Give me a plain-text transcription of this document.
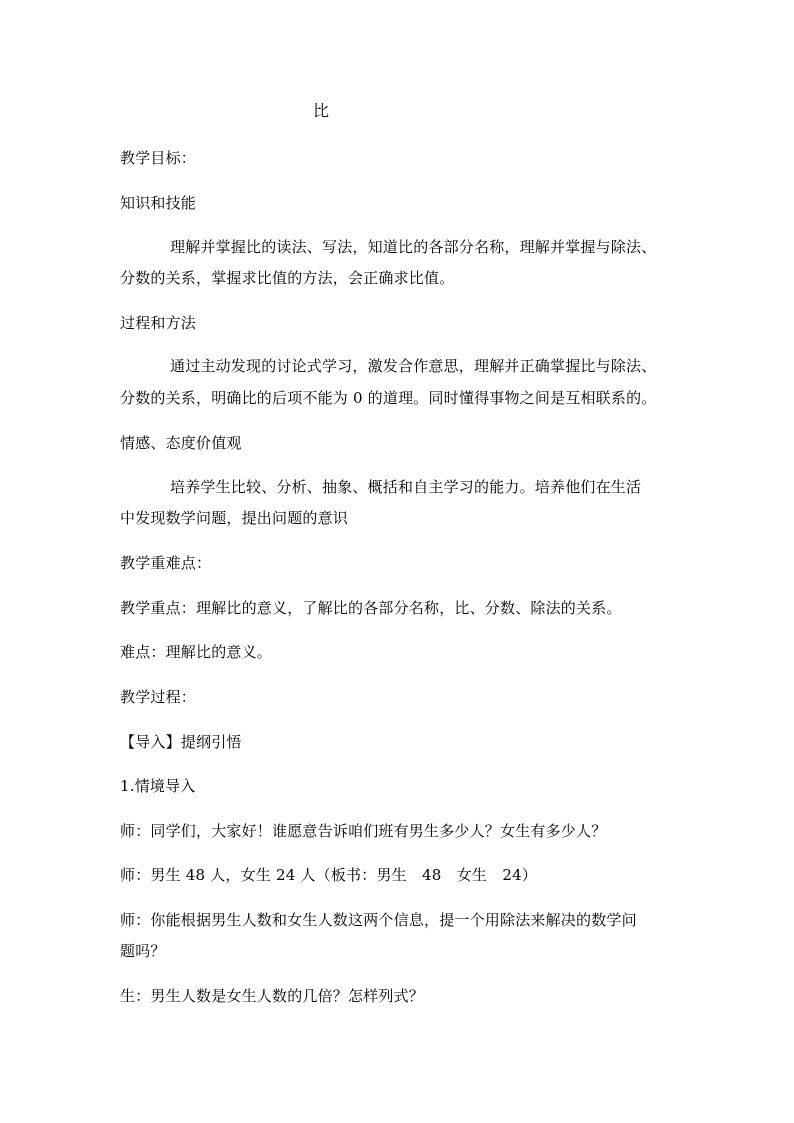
比
教学目标：
知识和技能
理解并掌握比的读法、写法，知道比的各部分名称，理解并掌握与除法、
分数的关系，掌握求比值的方法，会正确求比值。
过程和方法
通过主动发现的讨论式学习，激发合作意思，理解并正确掌握比与除法、
分数的关系，明确比的后项不能为 0 的道理。同时懂得事物之间是互相联系的。
情感、态度价值观
培养学生比较、分析、抽象、概括和自主学习的能力。培养他们在生活
中发现数学问题，提出问题的意识
教学重难点：
教学重点：理解比的意义，了解比的各部分名称，比、分数、除法的关系。
难点：理解比的意义。
教学过程：
【导入】提纲引悟
1.情境导入
师：同学们，大家好！谁愿意告诉咱们班有男生多少人？女生有多少人？
师：男生 48 人，女生 24 人（板书：男生　48　女生　24）
师：你能根据男生人数和女生人数这两个信息，提一个用除法来解决的数学问
题吗？
生：男生人数是女生人数的几倍？怎样列式？
